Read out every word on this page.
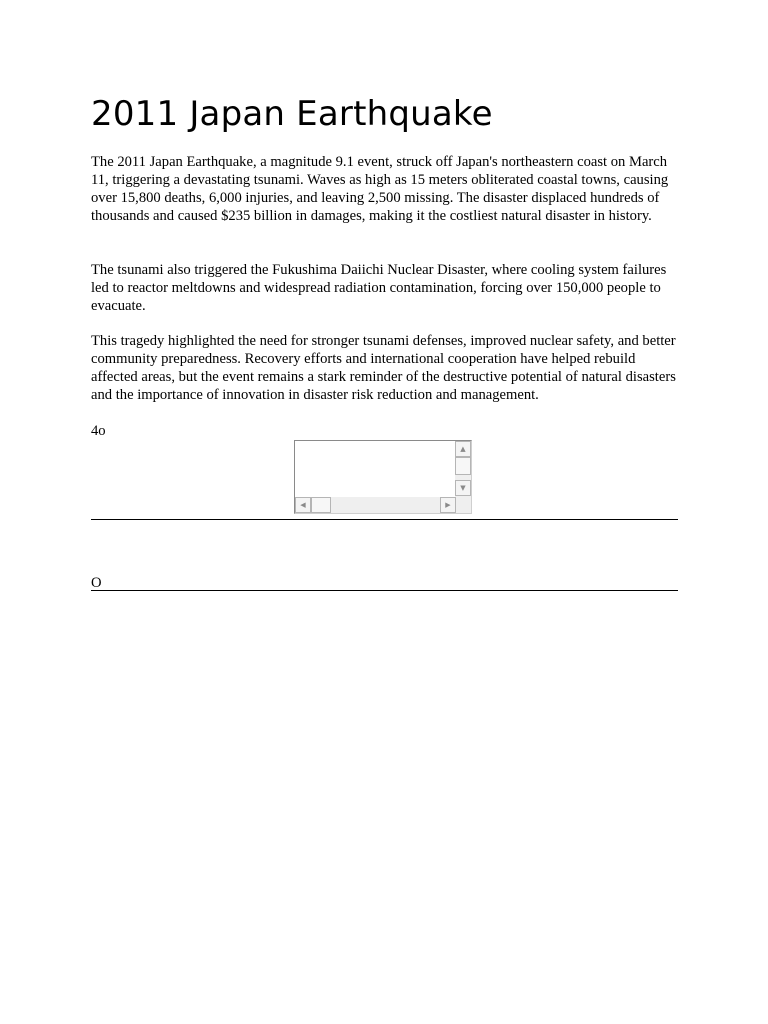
2011 Japan Earthquake

The 2011 Japan Earthquake, a magnitude 9.1 event, struck off Japan's northeastern coast on March 11, triggering a devastating tsunami. Waves as high as 15 meters obliterated coastal towns, causing over 15,800 deaths, 6,000 injuries, and leaving 2,500 missing. The disaster displaced hundreds of thousands and caused $235 billion in damages, making it the costliest natural disaster in history.

The tsunami also triggered the Fukushima Daiichi Nuclear Disaster, where cooling system failures led to reactor meltdowns and widespread radiation contamination, forcing over 150,000 people to evacuate.

This tragedy highlighted the need for stronger tsunami defenses, improved nuclear safety, and better community preparedness. Recovery efforts and international cooperation have helped rebuild affected areas, but the event remains a stark reminder of the destructive potential of natural disasters and the importance of innovation in disaster risk reduction and management.

4o
▲
▼
◀	▶
O
